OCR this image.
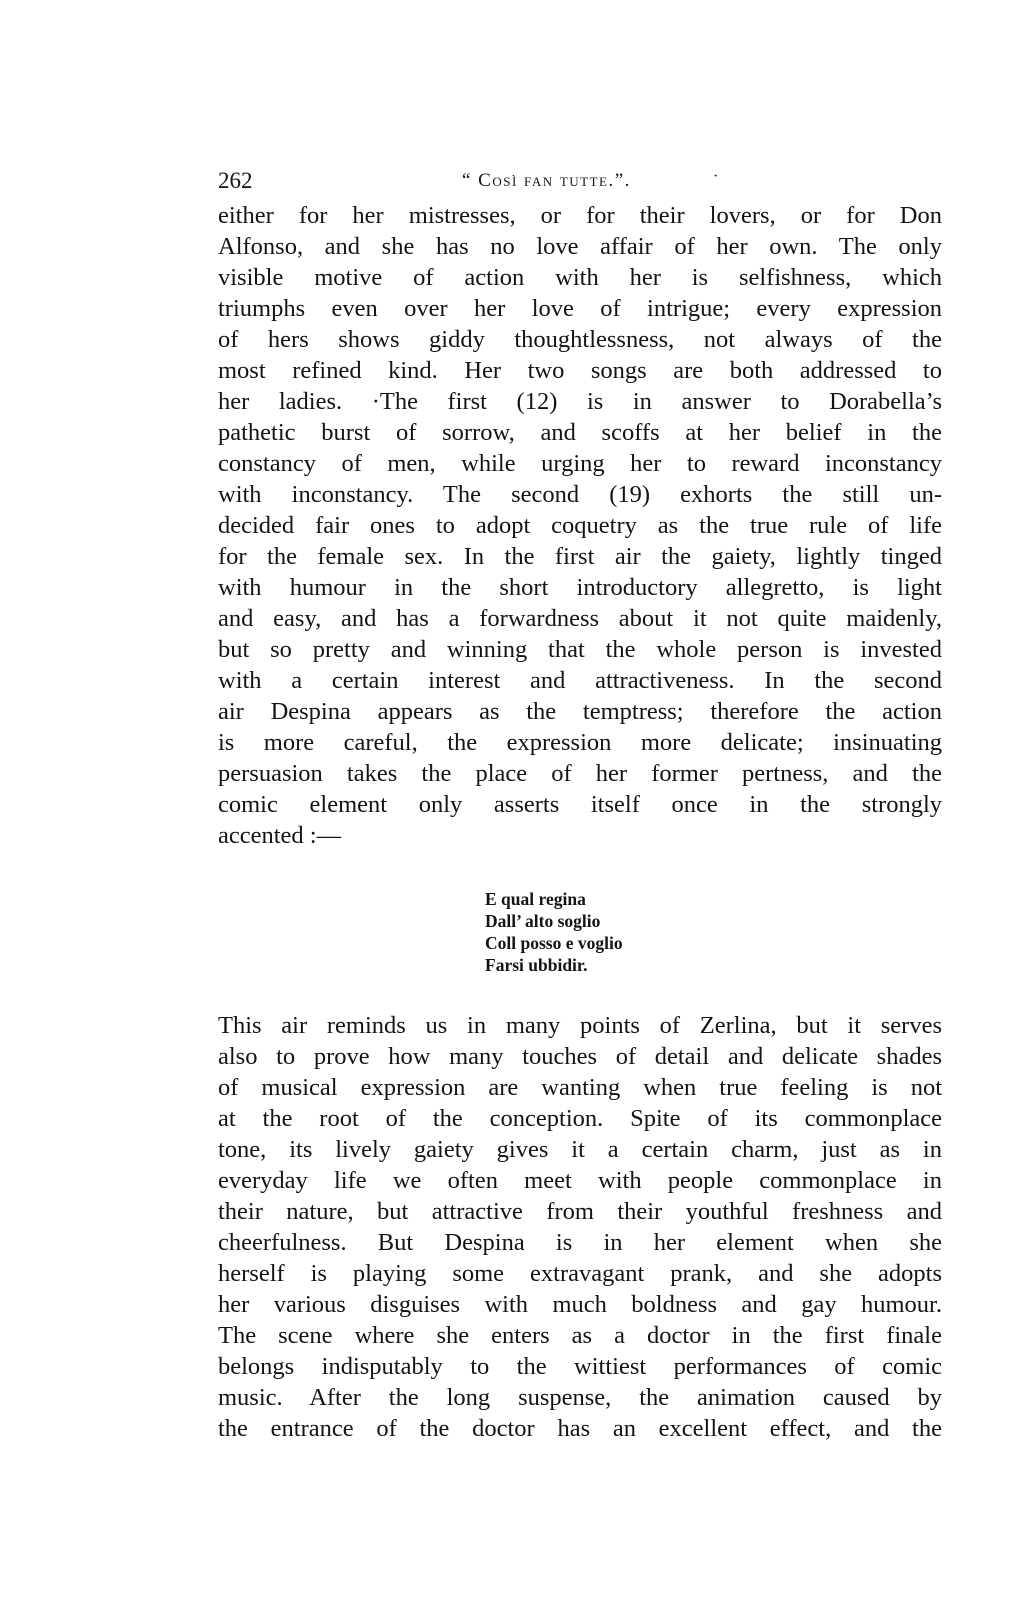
262	“ Così fan tutte.”.	·
either for her mistresses, or for their lovers, or for Don
Alfonso, and she has no love affair of her own. The only
visible motive of action with her is selfishness, which
triumphs even over her love of intrigue; every expression
of hers shows giddy thoughtlessness, not always of the
most refined kind. Her two songs are both addressed to
her ladies. ·The first (12) is in answer to Dorabella’s
pathetic burst of sorrow, and scoffs at her belief in the
constancy of men, while urging her to reward inconstancy
with inconstancy. The second (19) exhorts the still un-
decided fair ones to adopt coquetry as the true rule of life
for the female sex. In the first air the gaiety, lightly tinged
with humour in the short introductory allegretto, is light
and easy, and has a forwardness about it not quite maidenly,
but so pretty and winning that the whole person is invested
with a certain interest and attractiveness. In the second
air Despina appears as the temptress; therefore the action
is more careful, the expression more delicate; insinuating
persuasion takes the place of her former pertness, and the
comic element only asserts itself once in the strongly
accented :—
E qual regina
Dall’ alto soglio
Coll posso e voglio
Farsi ubbidir.
This air reminds us in many points of Zerlina, but it serves
also to prove how many touches of detail and delicate shades
of musical expression are wanting when true feeling is not
at the root of the conception. Spite of its commonplace
tone, its lively gaiety gives it a certain charm, just as in
everyday life we often meet with people commonplace in
their nature, but attractive from their youthful freshness and
cheerfulness. But Despina is in her element when she
herself is playing some extravagant prank, and she adopts
her various disguises with much boldness and gay humour.
The scene where she enters as a doctor in the first finale
belongs indisputably to the wittiest performances of comic
music. After the long suspense, the animation caused by
the entrance of the doctor has an excellent effect, and the
